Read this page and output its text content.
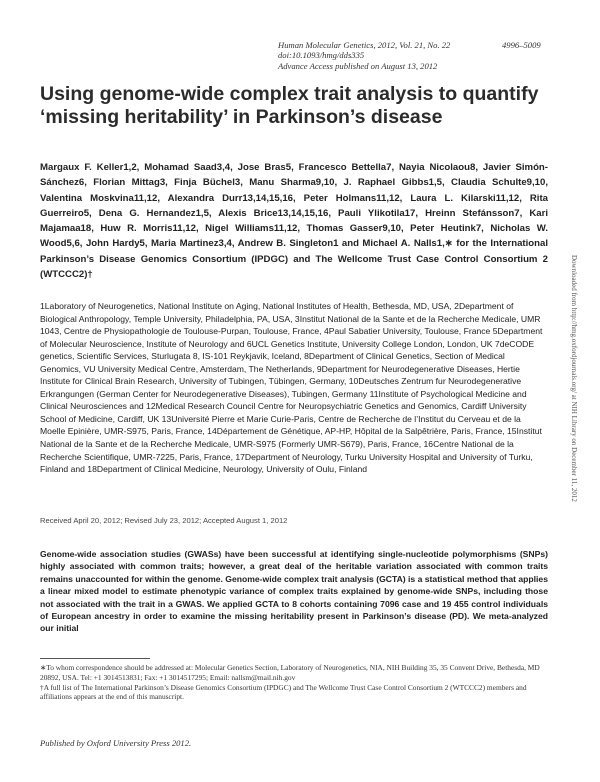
Human Molecular Genetics, 2012, Vol. 21, No. 22	4996–5009
doi:10.1093/hmg/dds335
Advance Access published on August 13, 2012
Using genome-wide complex trait analysis to quantify ‘missing heritability’ in Parkinson’s disease

Margaux F. Keller1,2, Mohamad Saad3,4, Jose Bras5, Francesco Bettella7, Nayia Nicolaou8, Javier Simón-Sánchez6, Florian Mittag3, Finja Büchel3, Manu Sharma9,10, J. Raphael Gibbs1,5, Claudia Schulte9,10, Valentina Moskvina11,12, Alexandra Durr13,14,15,16, Peter Holmans11,12, Laura L. Kilarski11,12, Rita Guerreiro5, Dena G. Hernandez1,5, Alexis Brice13,14,15,16, Pauli Ylikotila17, Hreinn Stefánsson7, Kari Majamaa18, Huw R. Morris11,12, Nigel Williams11,12, Thomas Gasser9,10, Peter Heutink7, Nicholas W. Wood5,6, John Hardy5, Maria Martinez3,4, Andrew B. Singleton1 and Michael A. Nalls1,∗ for the International Parkinson’s Disease Genomics Consortium (IPDGC) and The Wellcome Trust Case Control Consortium 2 (WTCCC2)†

1Laboratory of Neurogenetics, National Institute on Aging, National Institutes of Health, Bethesda, MD, USA, 2Department of Biological Anthropology, Temple University, Philadelphia, PA, USA, 3Institut National de la Sante et de la Recherche Medicale, UMR 1043, Centre de Physiopathologie de Toulouse-Purpan, Toulouse, France, 4Paul Sabatier University, Toulouse, France 5Department of Molecular Neuroscience, Institute of Neurology and 6UCL Genetics Institute, University College London, London, UK 7deCODE genetics, Scientific Services, Sturlugata 8, IS-101 Reykjavik, Iceland, 8Department of Clinical Genetics, Section of Medical Genomics, VU University Medical Centre, Amsterdam, The Netherlands, 9Department for Neurodegenerative Diseases, Hertie Institute for Clinical Brain Research, University of Tubingen, Tübingen, Germany, 10Deutsches Zentrum fur Neurodegenerative Erkrangungen (German Center for Neurodegenerative Diseases), Tubingen, Germany 11Institute of Psychological Medicine and Clinical Neurosciences and 12Medical Research Council Centre for Neuropsychiatric Genetics and Genomics, Cardiff University School of Medicine, Cardiff, UK 13Université Pierre et Marie Curie-Paris, Centre de Recherche de l’Institut du Cerveau et de la Moelle Epinière, UMR-S975, Paris, France, 14Département de Génétique, AP-HP, Hôpital de la Salpêtrière, Paris, France, 15Institut National de la Sante et de la Recherche Medicale, UMR-S975 (Formerly UMR-S679), Paris, France, 16Centre National de la Recherche Scientifique, UMR-7225, Paris, France, 17Department of Neurology, Turku University Hospital and University of Turku, Finland and 18Department of Clinical Medicine, Neurology, University of Oulu, Finland

Received April 20, 2012; Revised July 23, 2012; Accepted August 1, 2012

Genome-wide association studies (GWASs) have been successful at identifying single-nucleotide polymorphisms (SNPs) highly associated with common traits; however, a great deal of the heritable variation associated with common traits remains unaccounted for within the genome. Genome-wide complex trait analysis (GCTA) is a statistical method that applies a linear mixed model to estimate phenotypic variance of complex traits explained by genome-wide SNPs, including those not associated with the trait in a GWAS. We applied GCTA to 8 cohorts containing 7096 case and 19 455 control individuals of European ancestry in order to examine the missing heritability present in Parkinson’s disease (PD). We meta-analyzed our initial

∗To whom correspondence should be addressed at: Molecular Genetics Section, Laboratory of Neurogenetics, NIA, NIH Building 35, 35 Convent Drive, Bethesda, MD 20892, USA. Tel: +1 3014513831; Fax: +1 3014517295; Email: nallsm@mail.nih.gov

†A full list of The International Parkinson’s Disease Genomics Consortium (IPDGC) and The Wellcome Trust Case Control Consortium 2 (WTCCC2) members and affiliations appears at the end of this manuscript.

Published by Oxford University Press 2012.

Downloaded from http://hmg.oxfordjournals.org/ at NIH Library on December 11, 2012
